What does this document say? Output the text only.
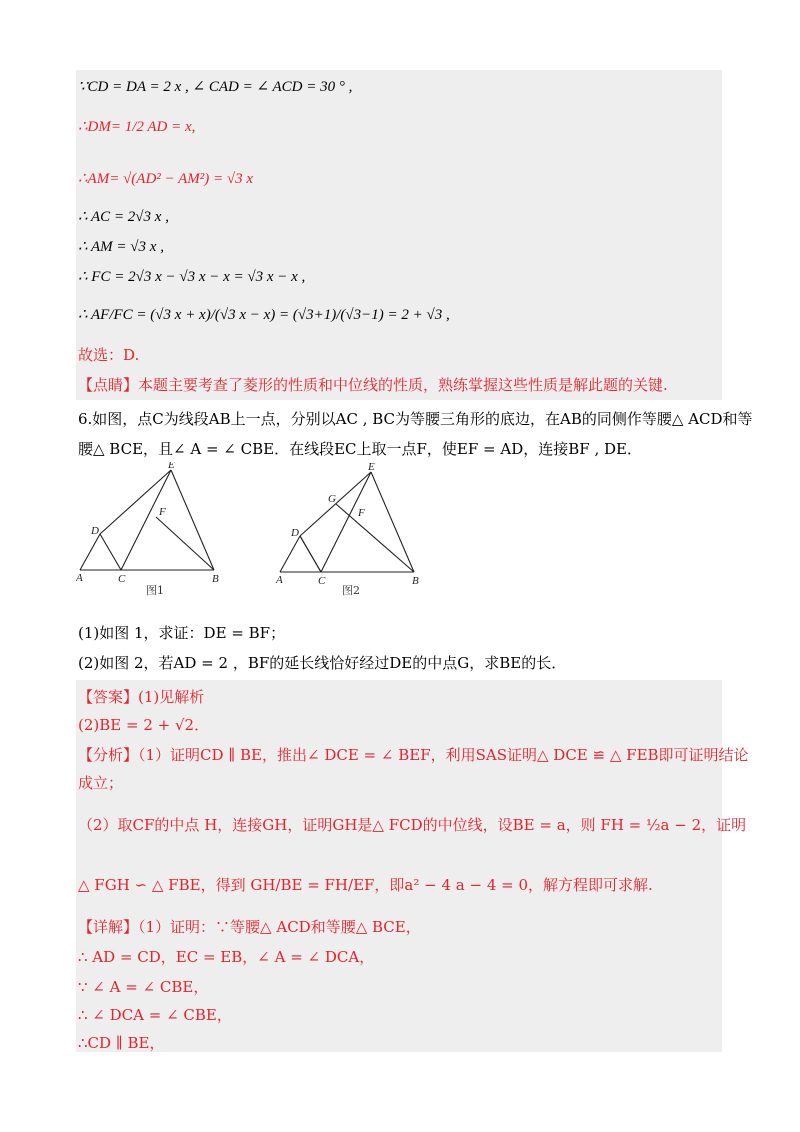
∵CD = DA = 2 x , ∠ CAD = ∠ ACD = 30 ° ,
∴DM= 1/2 AD = x,
∴AM= √(AD² − AM²) = √3 x
∴ AC = 2√3 x ,
∴ AM = √3 x ,
∴ FC = 2√3 x − √3 x − x = √3 x − x ,
∴ AF/FC = (√3 x + x)/(√3 x − x) = (√3+1)/(√3−1) = 2 + √3 ,
故选：D.
【点睛】本题主要考查了菱形的性质和中位线的性质，熟练掌握这些性质是解此题的关键.
6.如图，点C为线段AB上一点，分别以AC , BC为等腰三角形的底边，在AB的同侧作等腰△ ACD和等
腰△ BCE，且∠ A = ∠ CBE．在线段EC上取一点F，使EF = AD，连接BF , DE．
A	C	B
D
E
F
图1
A	C	B
D
E
F
G
图2
(1)如图 1，求证：DE = BF；
(2)如图 2，若AD = 2 ，BF的延长线恰好经过DE的中点G，求BE的长．
【答案】(1)见解析
(2)BE = 2 + √2．
【分析】（1）证明CD ∥ BE，推出∠ DCE = ∠ BEF，利用SAS证明△ DCE ≌ △ FEB即可证明结论
成立；
（2）取CF的中点 H，连接GH，证明GH是△ FCD的中位线，设BE = a，则 FH = ½a − 2，证明
△ FGH ∽ △ FBE，得到 GH/BE = FH/EF，即a² − 4 a − 4 = 0，解方程即可求解.
【详解】（1）证明：∵等腰△ ACD和等腰△ BCE，
∴ AD = CD，EC = EB，∠ A = ∠ DCA，
∵ ∠ A = ∠ CBE，
∴ ∠ DCA = ∠ CBE，
∴CD ∥ BE，
